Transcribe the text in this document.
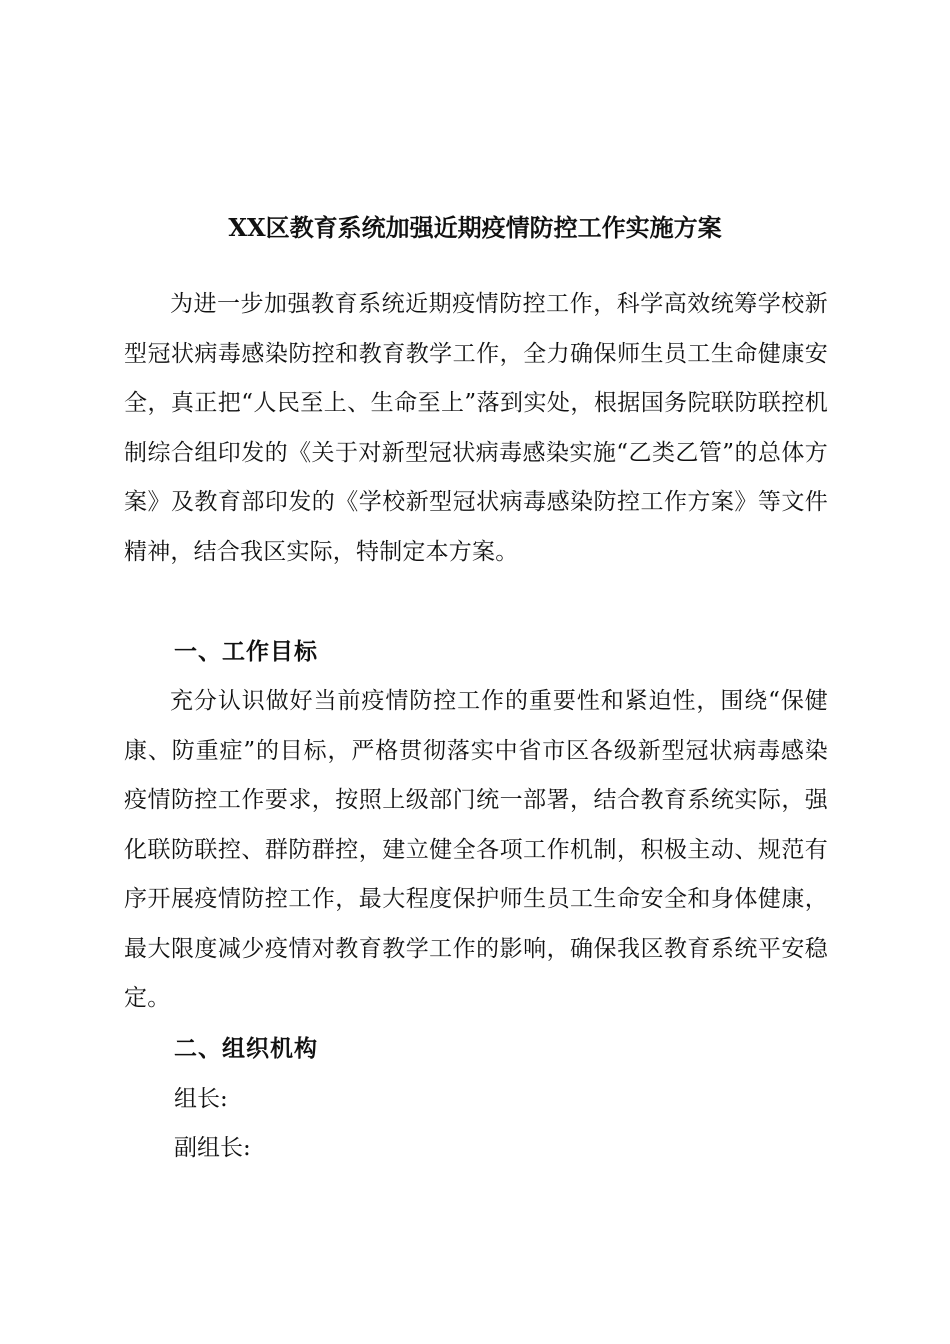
XX区教育系统加强近期疫情防控工作实施方案

为进一步加强教育系统近期疫情防控工作，科学高效统筹学校新型冠状病毒感染防控和教育教学工作，全力确保师生员工生命健康安全，真正把“人民至上、生命至上”落到实处，根据国务院联防联控机制综合组印发的《关于对新型冠状病毒感染实施“乙类乙管”的总体方案》及教育部印发的《学校新型冠状病毒感染防控工作方案》等文件精神，结合我区实际，特制定本方案。

一、工作目标

充分认识做好当前疫情防控工作的重要性和紧迫性，围绕“保健康、防重症”的目标，严格贯彻落实中省市区各级新型冠状病毒感染疫情防控工作要求，按照上级部门统一部署，结合教育系统实际，强化联防联控、群防群控，建立健全各项工作机制，积极主动、规范有序开展疫情防控工作，最大程度保护师生员工生命安全和身体健康，最大限度减少疫情对教育教学工作的影响，确保我区教育系统平安稳定。

二、组织机构
组长:
副组长:
